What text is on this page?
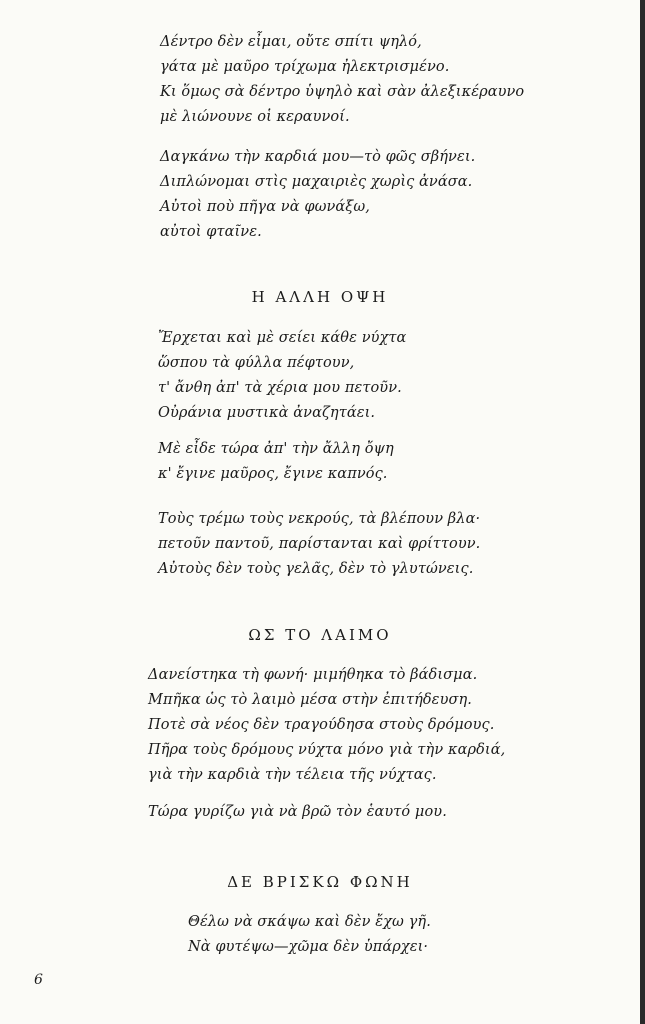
Δέντρο δὲν εἶμαι, οὔτε σπίτι ψηλό,
γάτα μὲ μαῦρο τρίχωμα ἠλεκτρισμένο.
Κι ὅμως σὰ δέντρο ὑψηλὸ καὶ σὰν ἀλεξικέραυνο
μὲ λιώνουνε οἱ κεραυνοί.
Δαγκάνω τὴν καρδιά μου—τὸ φῶς σβήνει.
Διπλώνομαι στὶς μαχαιριὲς χωρὶς ἀνάσα.
Αὐτοὶ ποὺ πῆγα νὰ φωνάξω,
αὐτοὶ φταῖνε.
Η ΑΛΛΗ ΟΨΗ
Ἔρχεται καὶ μὲ σείει κάθε νύχτα
ὥσπου τὰ φύλλα πέφτουν,
τ' ἄνθη ἀπ' τὰ χέρια μου πετοῦν.
Οὐράνια μυστικὰ ἀναζητάει.
Μὲ εἶδε τώρα ἀπ' τὴν ἄλλη ὄψη
κ' ἔγινε μαῦρος, ἔγινε καπνός.
Τοὺς τρέμω τοὺς νεκρούς, τὰ βλέπουν βλα·
πετοῦν παντοῦ, παρίστανται καὶ φρίττουν.
Αὐτοὺς δὲν τοὺς γελᾶς, δὲν τὸ γλυτώνεις.
ΩΣ ΤΟ ΛΑΙΜΟ
Δανείστηκα τὴ φωνή· μιμήθηκα τὸ βάδισμα.
Μπῆκα ὡς τὸ λαιμὸ μέσα στὴν ἐπιτήδευση.
Ποτὲ σὰ νέος δὲν τραγούδησα στοὺς δρόμους.
Πῆρα τοὺς δρόμους νύχτα μόνο γιὰ τὴν καρδιά,
γιὰ τὴν καρδιὰ τὴν τέλεια τῆς νύχτας.
Τώρα γυρίζω γιὰ νὰ βρῶ τὸν ἑαυτό μου.
ΔΕ ΒΡΙΣΚΩ ΦΩΝΗ
Θέλω νὰ σκάψω καὶ δὲν ἔχω γῆ.
Νὰ φυτέψω—χῶμα δὲν ὑπάρχει·
6
